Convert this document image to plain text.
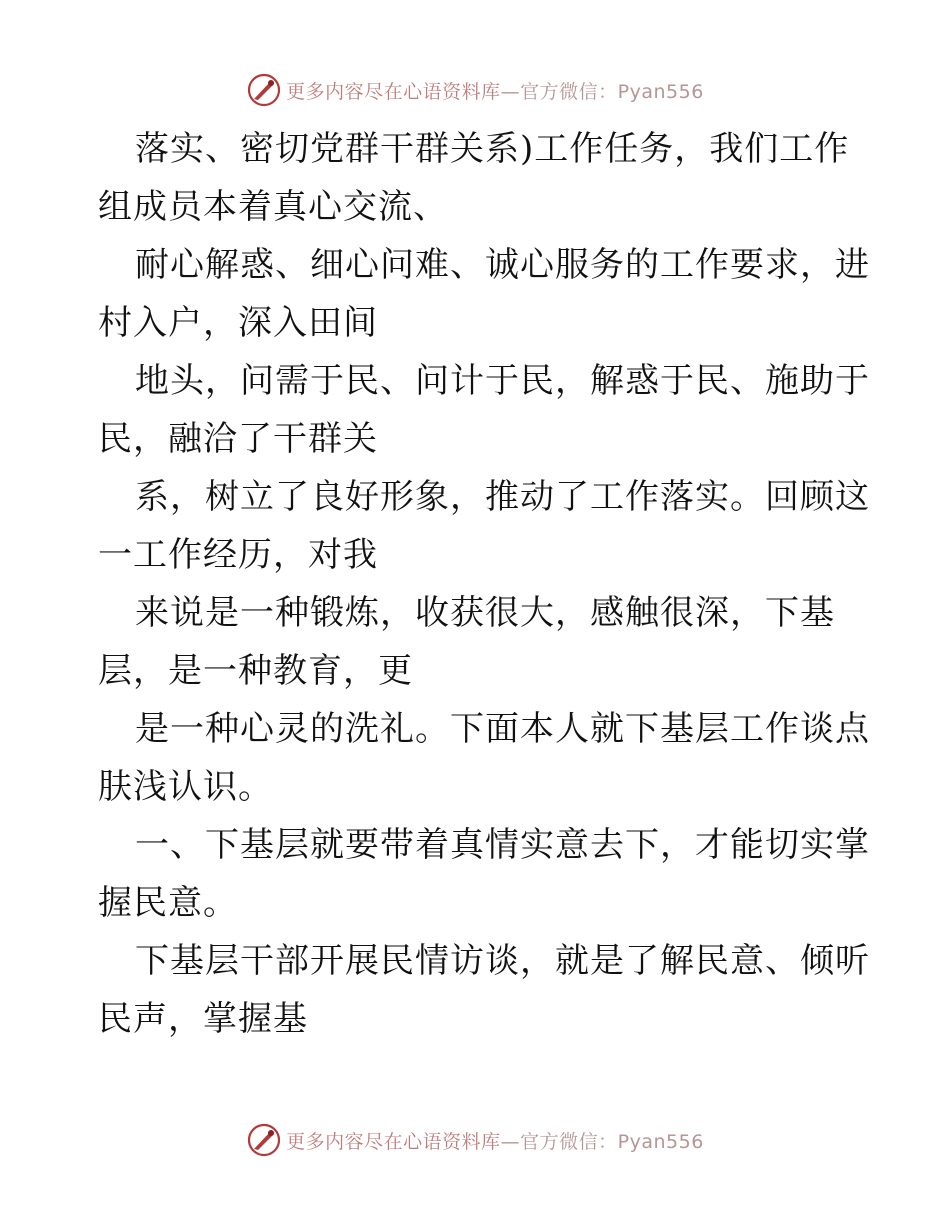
更多内容尽在心语资料库 —官方微信：Pyan556
落实、密切党群干群关系)工作任务，我们工作
组成员本着真心交流、
耐心解惑、细心问难、诚心服务的工作要求，进
村入户，深入田间
地头，问需于民、问计于民，解惑于民、施助于
民，融洽了干群关
系，树立了良好形象，推动了工作落实。回顾这
一工作经历，对我
来说是一种锻炼，收获很大，感触很深，下基
层，是一种教育，更
是一种心灵的洗礼。下面本人就下基层工作谈点
肤浅认识。
一、下基层就要带着真情实意去下，才能切实掌
握民意。
下基层干部开展民情访谈，就是了解民意、倾听
民声，掌握基
更多内容尽在心语资料库 —官方微信：Pyan556
